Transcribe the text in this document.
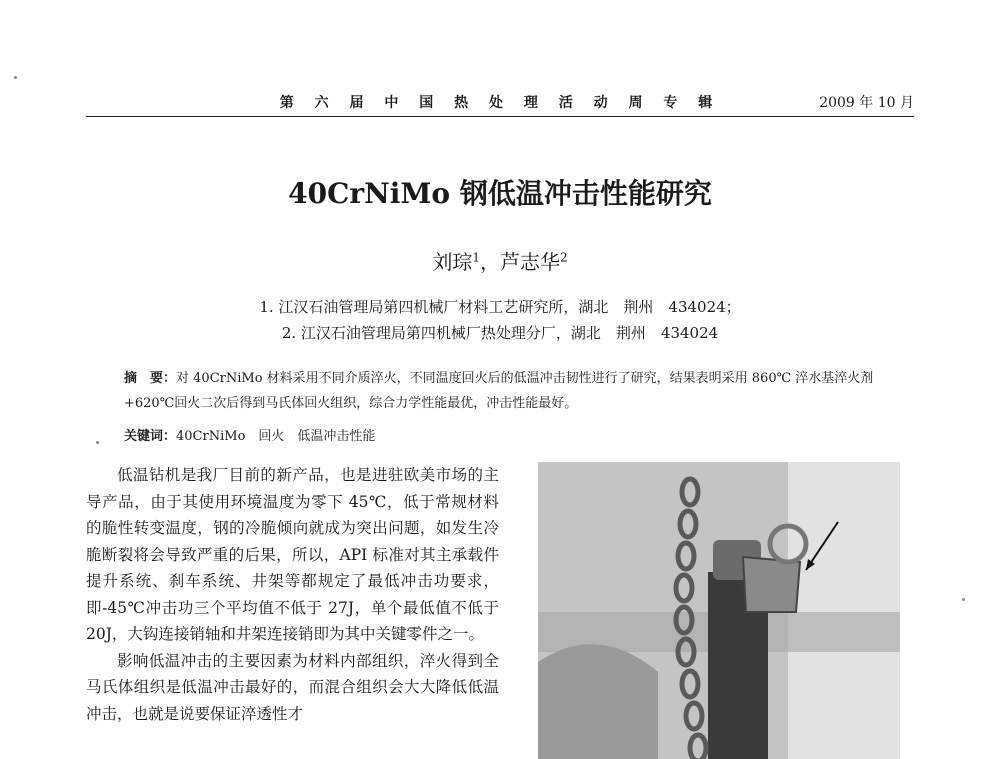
第 六 届 中 国 热 处 理 活 动 周 专 辑	2009 年 10 月
40CrNiMo 钢低温冲击性能研究
刘琮$^1$，芦志华$^2$
1. 江汉石油管理局第四机械厂材料工艺研究所，湖北　荆州　434024；
2. 江汉石油管理局第四机械厂热处理分厂，湖北　荆州　434024
摘　要：对 40CrNiMo 材料采用不同介质淬火，不同温度回火后的低温冲击韧性进行了研究，结果表明采用 860℃ 淬水基淬火剂+620℃回火二次后得到马氏体回火组织，综合力学性能最优，冲击性能最好。
关键词：40CrNiMo　回火　低温冲击性能

低温钻机是我厂目前的新产品，也是进驻欧美市场的主导产品，由于其使用环境温度为零下 45℃，低于常规材料的脆性转变温度，钢的冷脆倾向就成为突出问题，如发生冷脆断裂将会导致严重的后果，所以，API 标准对其主承载件提升系统、刹车系统、井架等都规定了最低冲击功要求，即-45℃冲击功三个平均值不低于 27J，单个最低值不低于 20J，大钩连接销轴和井架连接销即为其中关键零件之一。

影响低温冲击的主要因素为材料内部组织，淬火得到全马氏体组织是低温冲击最好的，而混合组织会大大降低低温冲击，也就是说要保证淬透性才
